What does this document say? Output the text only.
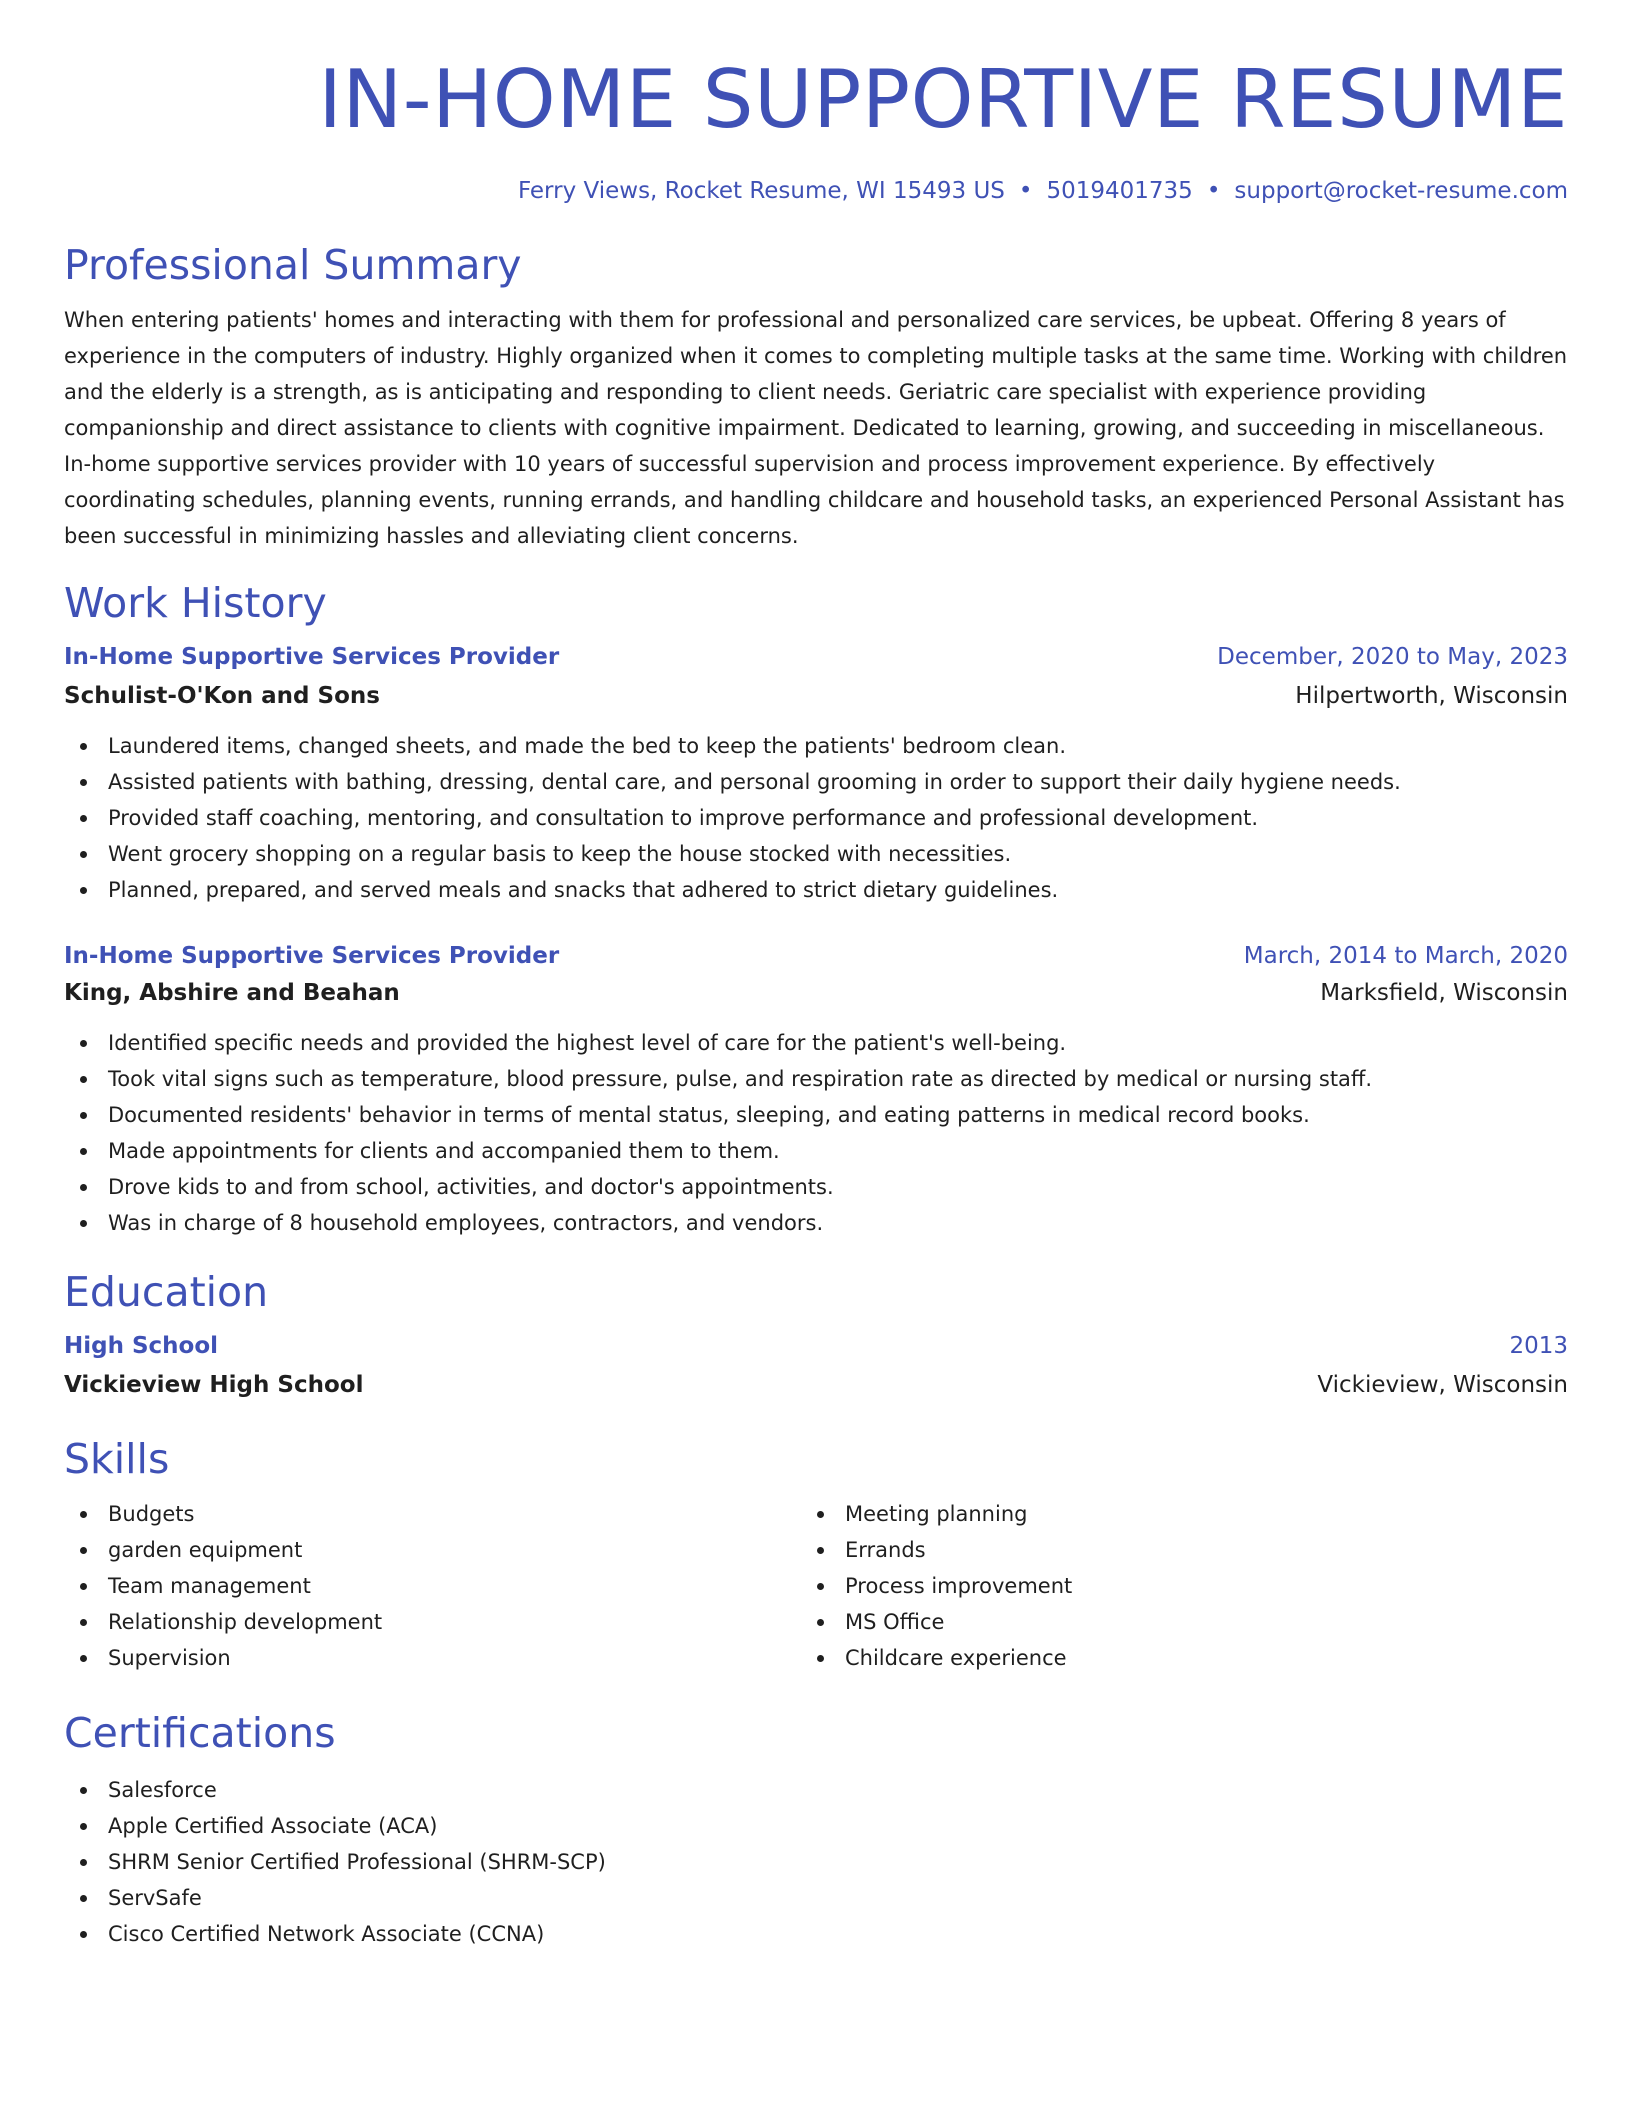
IN-HOME SUPPORTIVE RESUME
Ferry Views, Rocket Resume, WI 15493 US • 5019401735 • support@rocket-resume.com
Professional Summary

When entering patients' homes and interacting with them for professional and personalized care services, be upbeat. Offering 8 years of experience in the computers of industry. Highly organized when it comes to completing multiple tasks at the same time. Working with children and the elderly is a strength, as is anticipating and responding to client needs. Geriatric care specialist with experience providing companionship and direct assistance to clients with cognitive impairment. Dedicated to learning, growing, and succeeding in miscellaneous. In-home supportive services provider with 10 years of successful supervision and process improvement experience. By effectively coordinating schedules, planning events, running errands, and handling childcare and household tasks, an experienced Personal Assistant has been successful in minimizing hassles and alleviating client concerns.

Work History
In-Home Supportive Services Provider	December, 2020 to May, 2023
Schulist-O'Kon and Sons	Hilpertworth, Wisconsin
Laundered items, changed sheets, and made the bed to keep the patients' bedroom clean.
Assisted patients with bathing, dressing, dental care, and personal grooming in order to support their daily hygiene needs.
Provided staff coaching, mentoring, and consultation to improve performance and professional development.
Went grocery shopping on a regular basis to keep the house stocked with necessities.
Planned, prepared, and served meals and snacks that adhered to strict dietary guidelines.
In-Home Supportive Services Provider	March, 2014 to March, 2020
King, Abshire and Beahan	Marksfield, Wisconsin
Identified specific needs and provided the highest level of care for the patient's well-being.
Took vital signs such as temperature, blood pressure, pulse, and respiration rate as directed by medical or nursing staff.
Documented residents' behavior in terms of mental status, sleeping, and eating patterns in medical record books.
Made appointments for clients and accompanied them to them.
Drove kids to and from school, activities, and doctor's appointments.
Was in charge of 8 household employees, contractors, and vendors.
Education
High School	2013
Vickieview High School	Vickieview, Wisconsin
Skills
Budgets
garden equipment
Team management
Relationship development
Supervision
Meeting planning
Errands
Process improvement
MS Office
Childcare experience
Certifications
Salesforce
Apple Certified Associate (ACA)
SHRM Senior Certified Professional (SHRM-SCP)
ServSafe
Cisco Certified Network Associate (CCNA)
